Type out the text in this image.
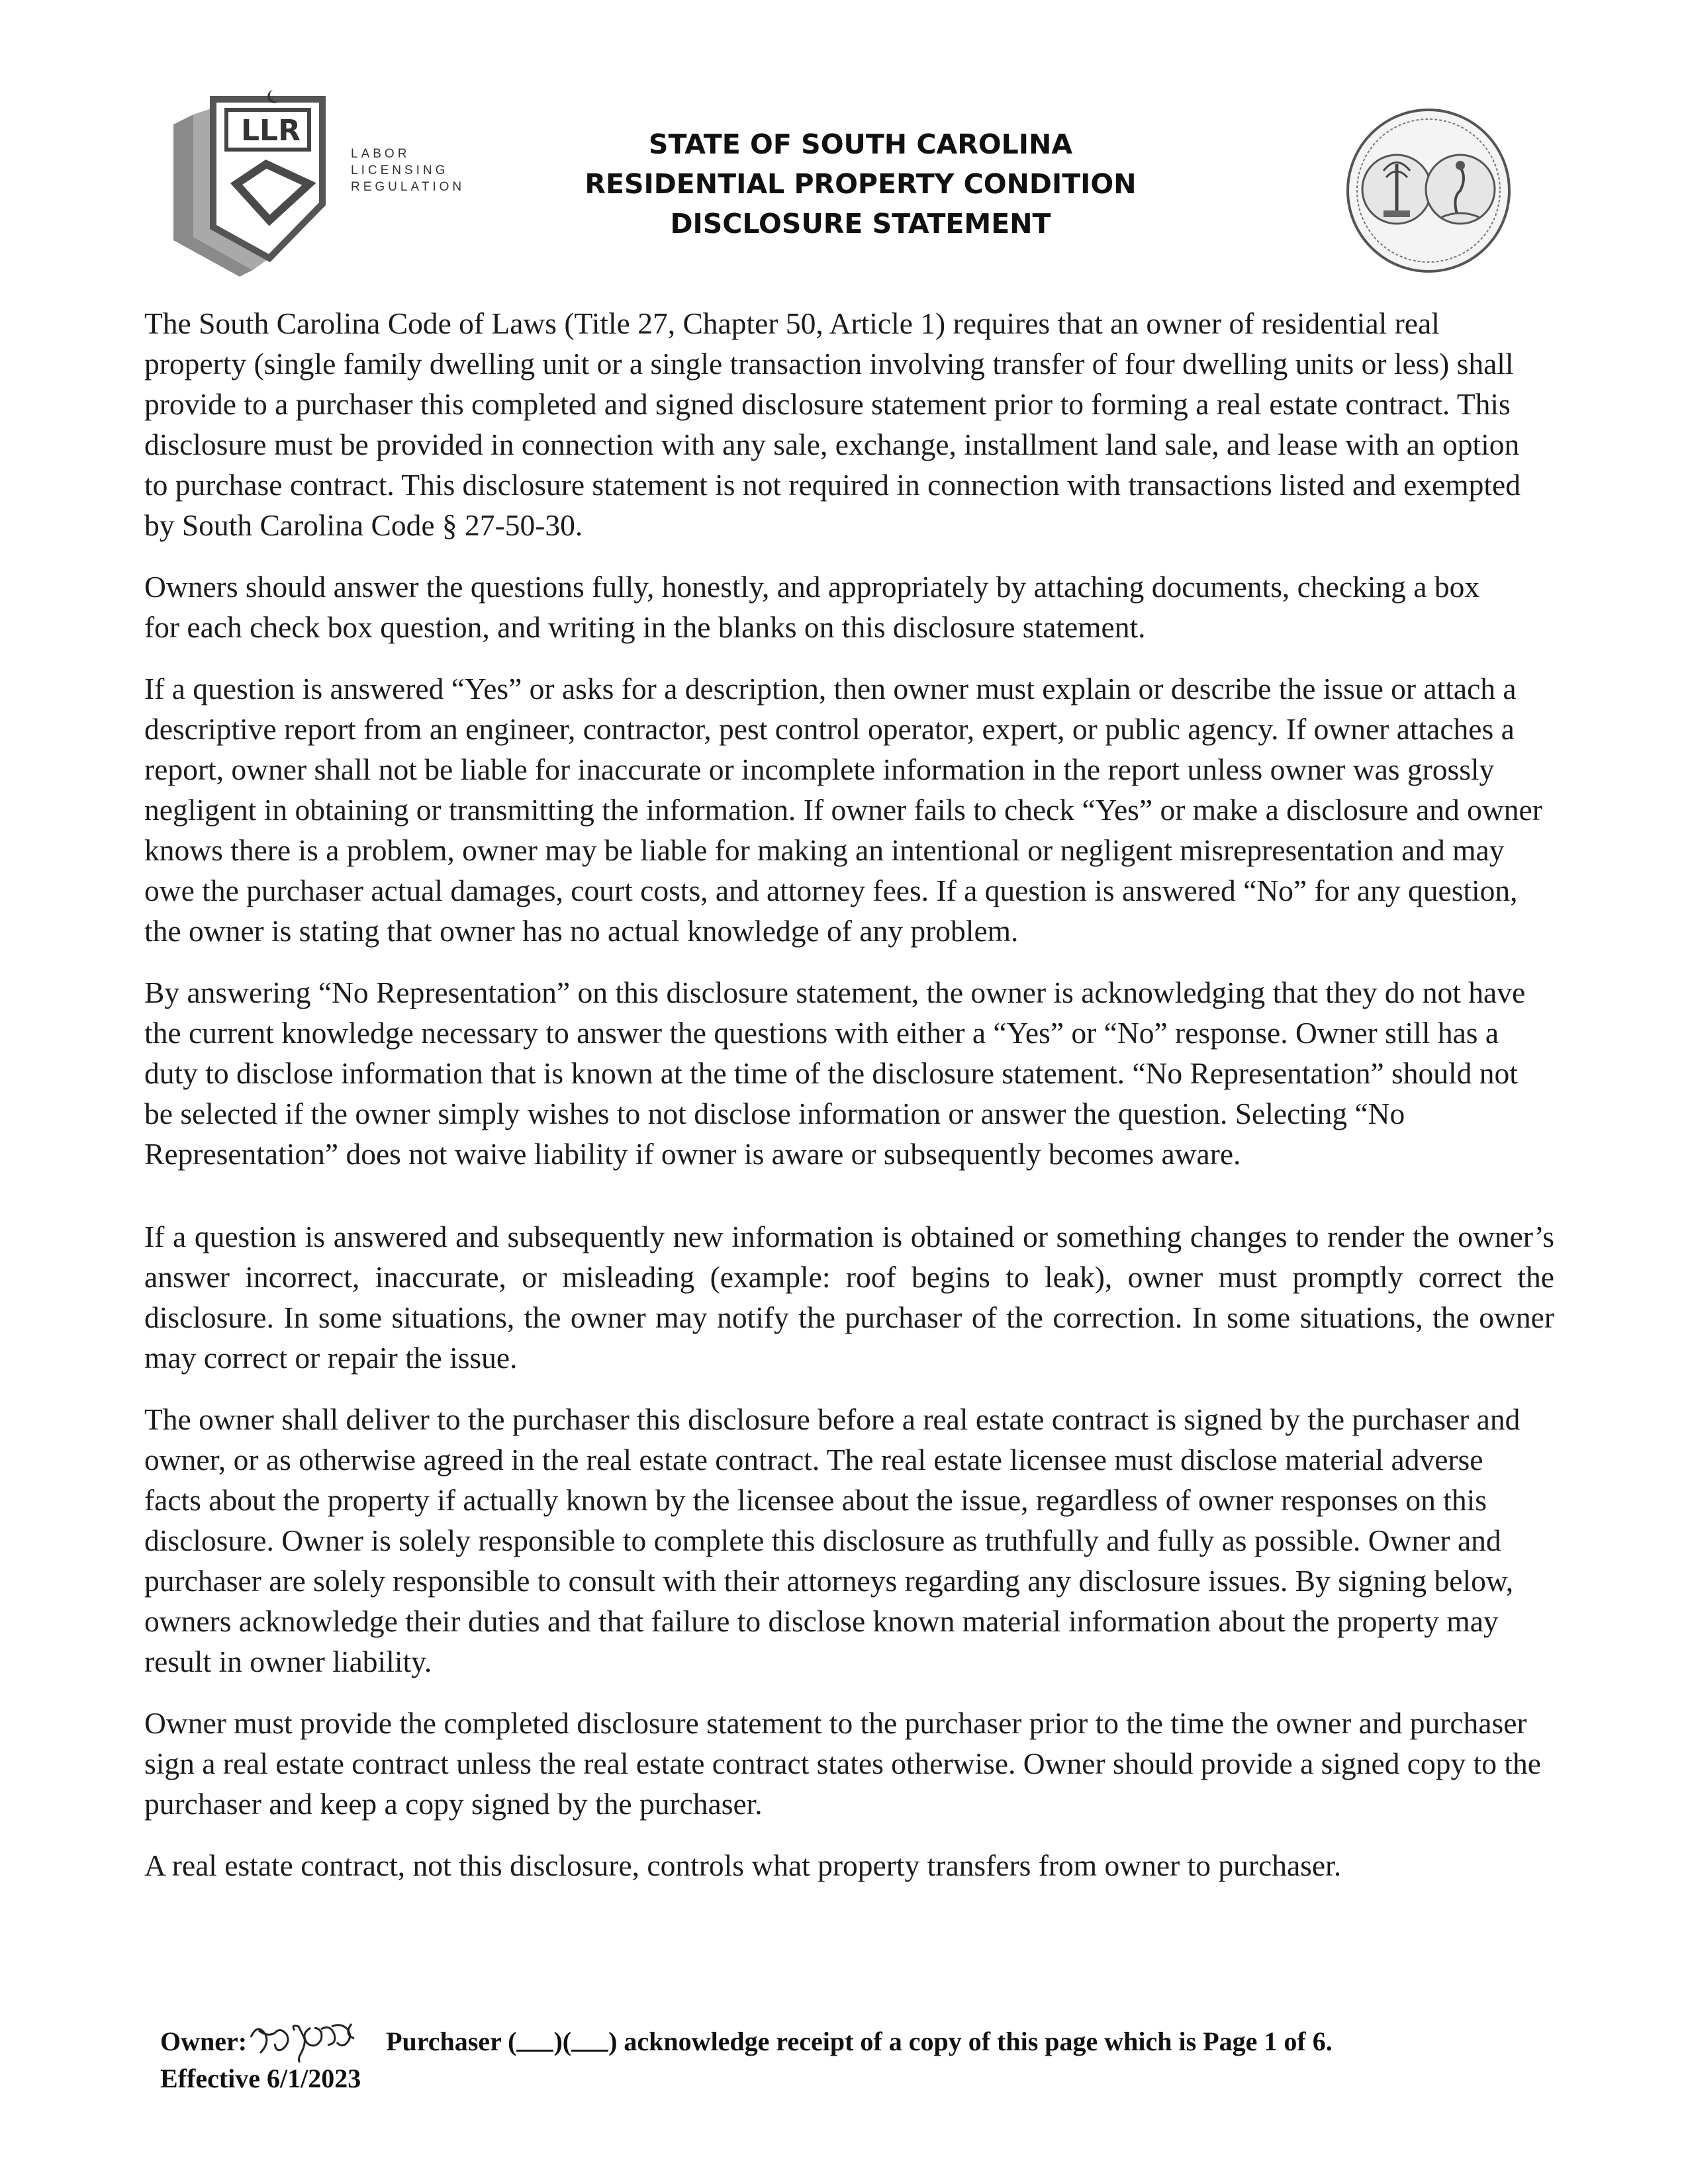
LLR
LABOR
LICENSING
REGULATION
STATE OF SOUTH CAROLINA
RESIDENTIAL PROPERTY CONDITION
DISCLOSURE STATEMENT

The South Carolina Code of Laws (Title 27, Chapter 50, Article 1) requires that an owner of residential real property (single family dwelling unit or a single transaction involving transfer of four dwelling units or less) shall provide to a purchaser this completed and signed disclosure statement prior to forming a real estate contract. This disclosure must be provided in connection with any sale, exchange, installment land sale, and lease with an option to purchase contract. This disclosure statement is not required in connection with transactions listed and exempted by South Carolina Code § 27-50-30.

Owners should answer the questions fully, honestly, and appropriately by attaching documents, checking a box for each check box question, and writing in the blanks on this disclosure statement.

If a question is answered “Yes” or asks for a description, then owner must explain or describe the issue or attach a descriptive report from an engineer, contractor, pest control operator, expert, or public agency. If owner attaches a report, owner shall not be liable for inaccurate or incomplete information in the report unless owner was grossly negligent in obtaining or transmitting the information. If owner fails to check “Yes” or make a disclosure and owner knows there is a problem, owner may be liable for making an intentional or negligent misrepresentation and may owe the purchaser actual damages, court costs, and attorney fees. If a question is answered “No” for any question, the owner is stating that owner has no actual knowledge of any problem.

By answering “No Representation” on this disclosure statement, the owner is acknowledging that they do not have the current knowledge necessary to answer the questions with either a “Yes” or “No” response. Owner still has a duty to disclose information that is known at the time of the disclosure statement. “No Representation” should not be selected if the owner simply wishes to not disclose information or answer the question. Selecting “No Representation” does not waive liability if owner is aware or subsequently becomes aware.

If a question is answered and subsequently new information is obtained or something changes to render the owner’s answer incorrect, inaccurate, or misleading (example: roof begins to leak), owner must promptly correct the disclosure. In some situations, the owner may notify the purchaser of the correction. In some situations, the owner may correct or repair the issue.

The owner shall deliver to the purchaser this disclosure before a real estate contract is signed by the purchaser and owner, or as otherwise agreed in the real estate contract. The real estate licensee must disclose material adverse facts about the property if actually known by the licensee about the issue, regardless of owner responses on this disclosure. Owner is solely responsible to complete this disclosure as truthfully and fully as possible. Owner and purchaser are solely responsible to consult with their attorneys regarding any disclosure issues. By signing below, owners acknowledge their duties and that failure to disclose known material information about the property may result in owner liability.

Owner must provide the completed disclosure statement to the purchaser prior to the time the owner and purchaser sign a real estate contract unless the real estate contract states otherwise. Owner should provide a signed copy to the purchaser and keep a copy signed by the purchaser.

A real estate contract, not this disclosure, controls what property transfers from owner to purchaser.

Owner:	Purchaser ( )( ) acknowledge receipt of a copy of this page which is Page 1 of 6.
Effective 6/1/2023
